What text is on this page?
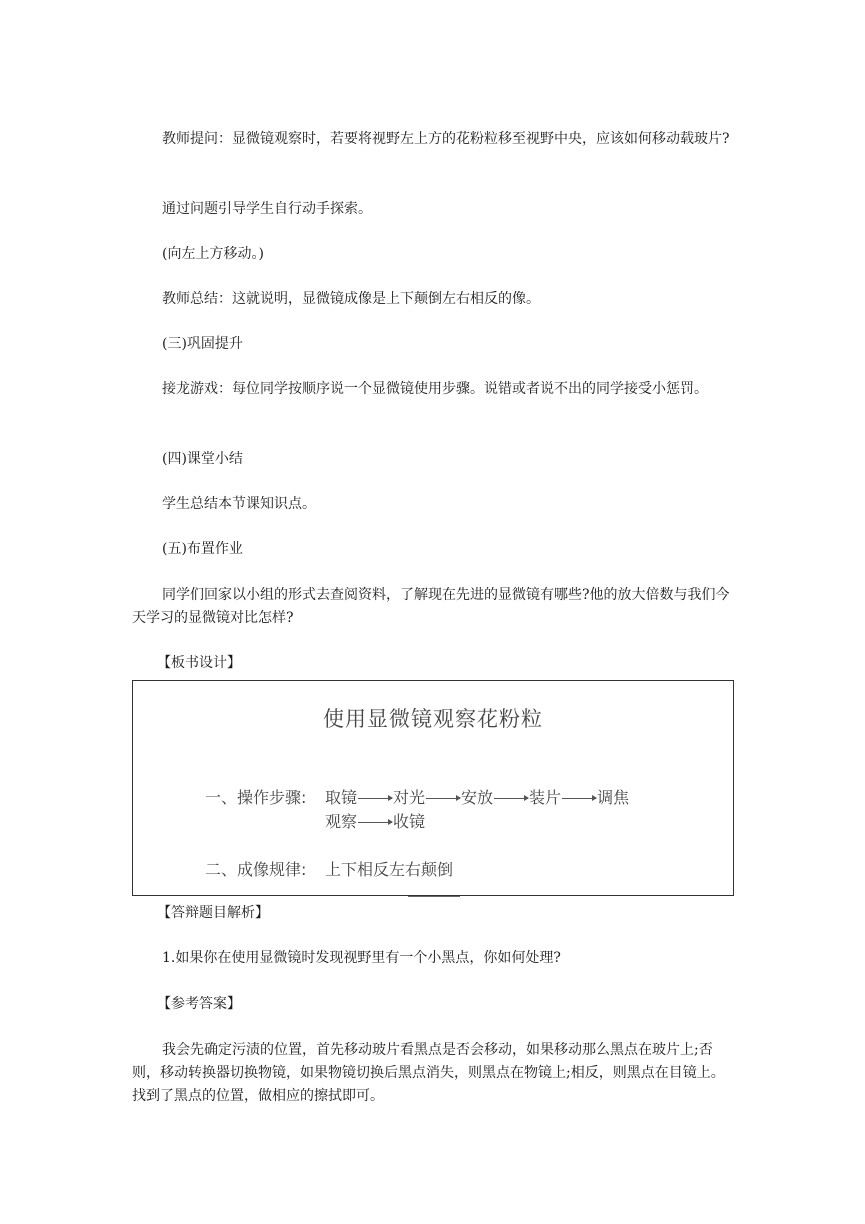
教师提问：显微镜观察时，若要将视野左上方的花粉粒移至视野中央，应该如何移动载玻片?

通过问题引导学生自行动手探索。

(向左上方移动。)

教师总结：这就说明，显微镜成像是上下颠倒左右相反的像。

(三)巩固提升

接龙游戏：每位同学按顺序说一个显微镜使用步骤。说错或者说不出的同学接受小惩罚。

(四)课堂小结

学生总结本节课知识点。

(五)布置作业

同学们回家以小组的形式去查阅资料，了解现在先进的显微镜有哪些?他的放大倍数与我们今天学习的显微镜对比怎样?

【板书设计】

使用显微镜观察花粉粒
一、操作步骤: 取镜 对光 安放 装片 调焦
观察 收镜
二、成像规律: 上下相反左右颠倒

【答辩题目解析】

1.如果你在使用显微镜时发现视野里有一个小黑点，你如何处理?

【参考答案】

我会先确定污渍的位置，首先移动玻片看黑点是否会移动，如果移动那么黑点在玻片上;否则，移动转换器切换物镜，如果物镜切换后黑点消失，则黑点在物镜上;相反，则黑点在目镜上。找到了黑点的位置，做相应的擦拭即可。
